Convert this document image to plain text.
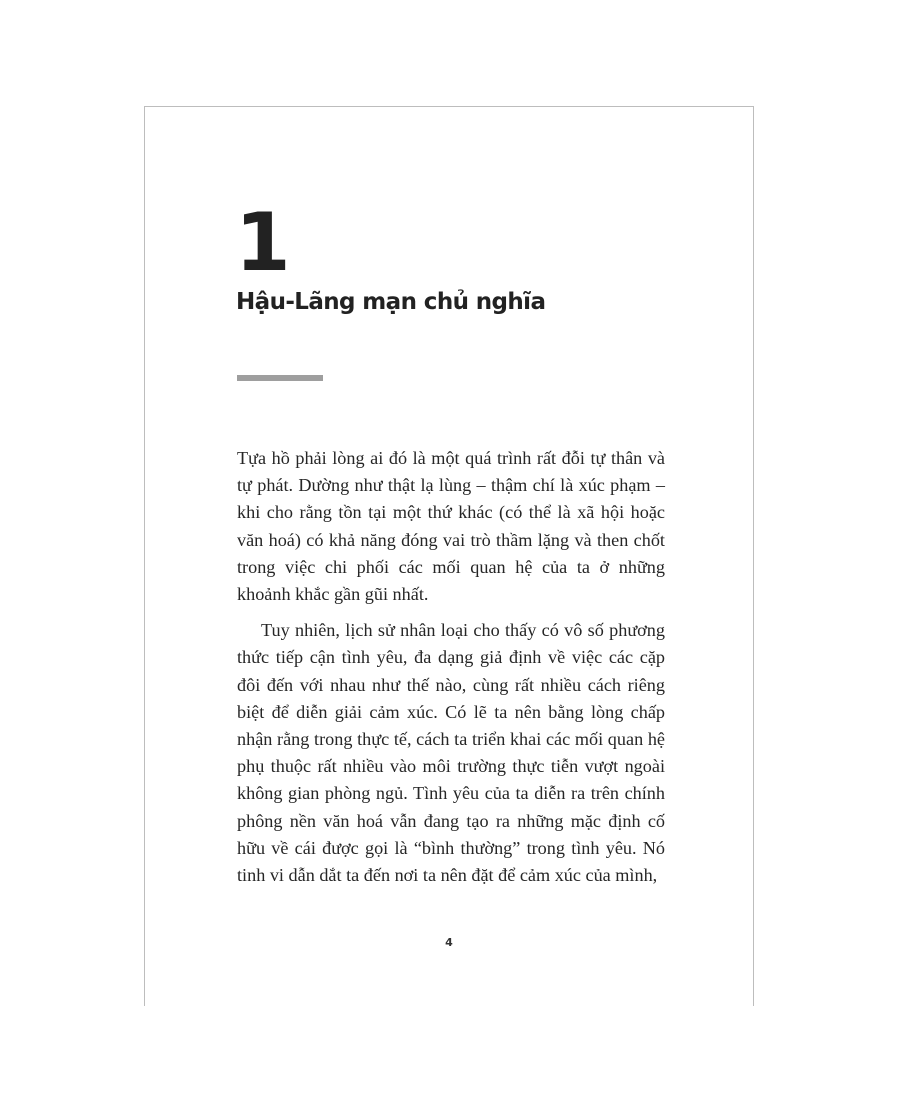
1
Hậu-Lãng mạn chủ nghĩa

Tựa hồ phải lòng ai đó là một quá trình rất đỗi tự thân và tự phát. Dường như thật lạ lùng – thậm chí là xúc phạm – khi cho rằng tồn tại một thứ khác (có thể là xã hội hoặc văn hoá) có khả năng đóng vai trò thầm lặng và then chốt trong việc chi phối các mối quan hệ của ta ở những khoảnh khắc gần gũi nhất.

Tuy nhiên, lịch sử nhân loại cho thấy có vô số phương thức tiếp cận tình yêu, đa dạng giả định về việc các cặp đôi đến với nhau như thế nào, cùng rất nhiều cách riêng biệt để diễn giải cảm xúc. Có lẽ ta nên bằng lòng chấp nhận rằng trong thực tế, cách ta triển khai các mối quan hệ phụ thuộc rất nhiều vào môi trường thực tiễn vượt ngoài không gian phòng ngủ. Tình yêu của ta diễn ra trên chính phông nền văn hoá vẫn đang tạo ra những mặc định cố hữu về cái được gọi là “bình thường” trong tình yêu. Nó tinh vi dẫn dắt ta đến nơi ta nên đặt để cảm xúc của mình,

4
